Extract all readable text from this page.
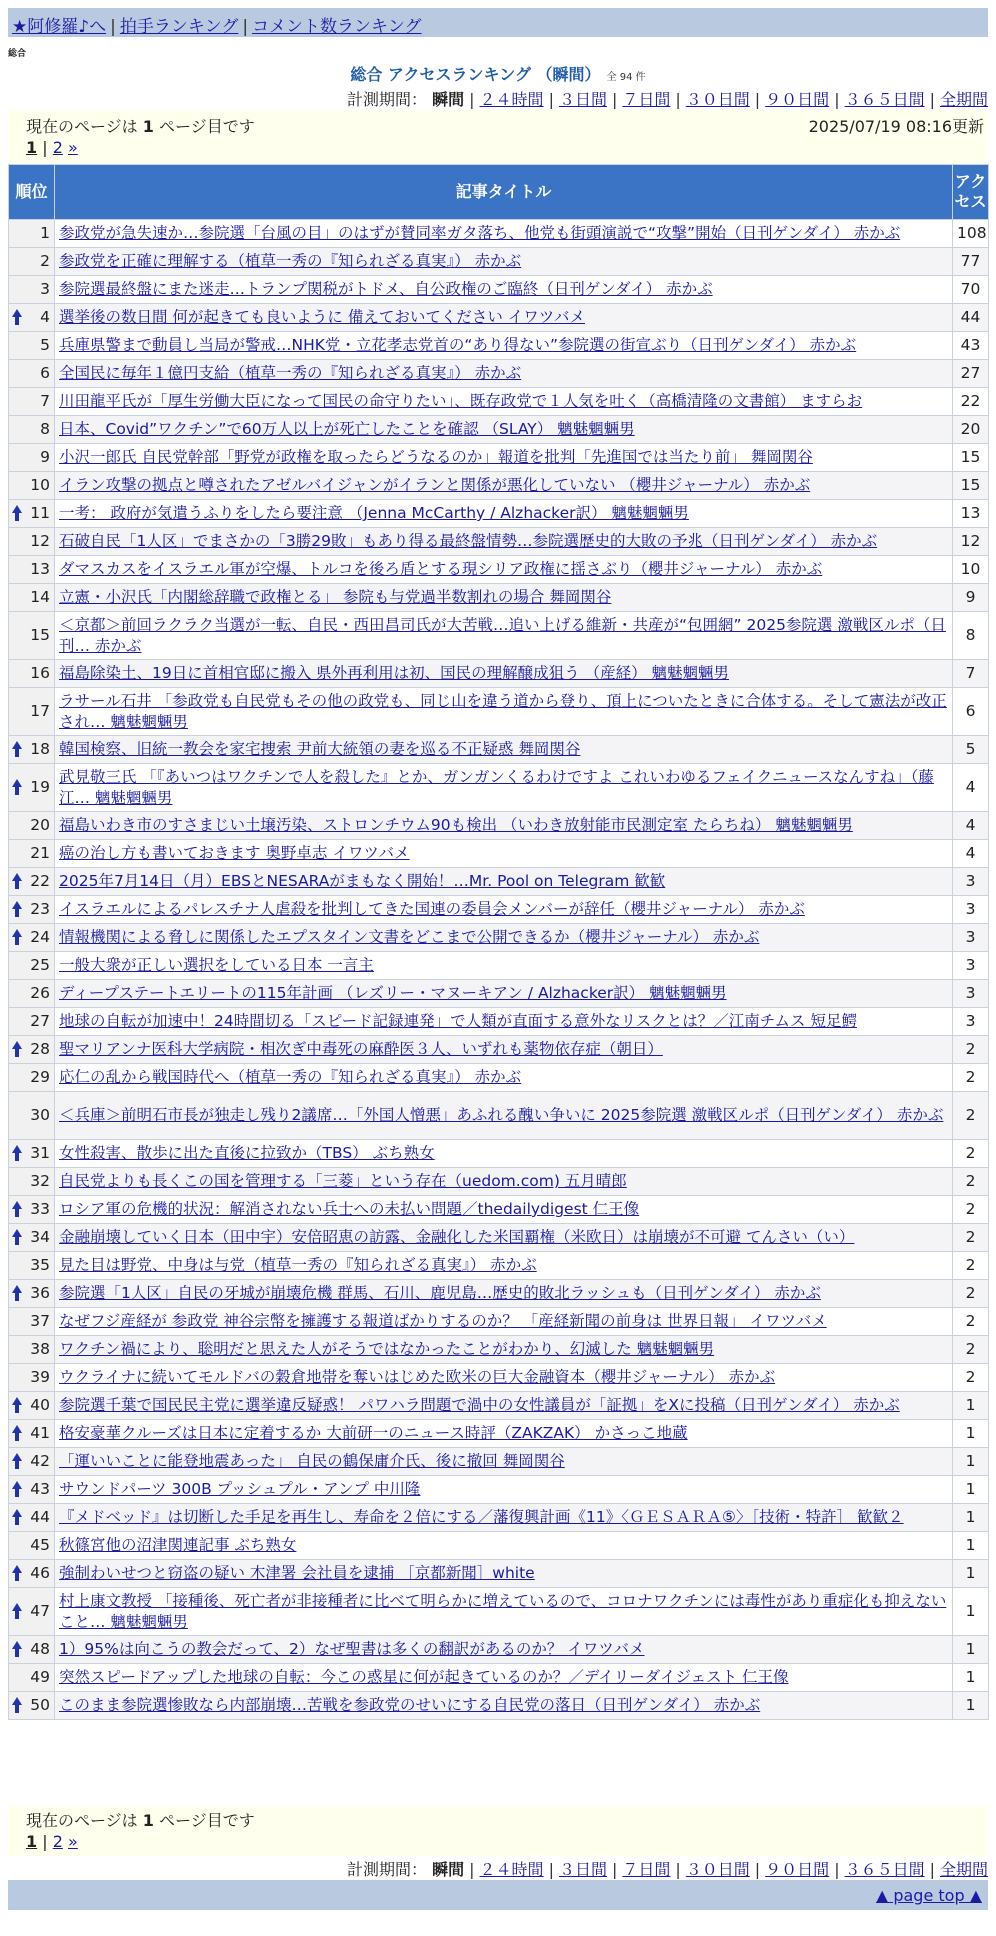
★阿修羅♪へ | 拍手ランキング | コメント数ランキング
総合
総合 アクセスランキング （瞬間） 全 94 件
計測期間： 瞬間 | ２４時間 | ３日間 | ７日間 | ３０日間 | ９０日間 | ３６５日間 | 全期間
現在のページは 1 ページ目です	2025/07/19 08:16更新
1 | 2 »
順位	記事タイトル	アクセス
1	参政党が急失速か…参院選「台風の目」のはずが賛同率ガタ落ち、他党も街頭演説で“攻撃”開始（日刊ゲンダイ） 赤かぶ	108
2	参政党を正確に理解する（植草一秀の『知られざる真実』） 赤かぶ	77
3	参院選最終盤にまた迷走…トランプ関税がトドメ、自公政権のご臨終（日刊ゲンダイ） 赤かぶ	70

4	選挙後の数日間 何が起きても良いように 備えておいてください イワツバメ	44
5	兵庫県警まで動員し当局が警戒…NHK党・立花孝志党首の“あり得ない”参院選の街宣ぶり（日刊ゲンダイ） 赤かぶ	43
6	全国民に毎年１億円支給（植草一秀の『知られざる真実』） 赤かぶ	27
7	川田龍平氏が「厚生労働大臣になって国民の命守りたい」、既存政党で１人気を吐く（高橋清隆の文書館） ますらお	22
8	日本、Covid”ワクチン”で60万人以上が死亡したことを確認 （SLAY） 魑魅魍魎男	20
9	小沢一郎氏 自民党幹部「野党が政権を取ったらどうなるのか」報道を批判「先進国では当たり前」 舞岡関谷	15
10	イラン攻撃の拠点と噂されたアゼルバイジャンがイランと関係が悪化していない （櫻井ジャーナル） 赤かぶ	15

11	一考： 政府が気遣うふりをしたら要注意 （Jenna McCarthy / Alzhacker訳） 魑魅魍魎男	13
12	石破自民「1人区」でまさかの「3勝29敗」もあり得る最終盤情勢…参院選歴史的大敗の予兆（日刊ゲンダイ） 赤かぶ	12
13	ダマスカスをイスラエル軍が空爆、トルコを後ろ盾とする現シリア政権に揺さぶり（櫻井ジャーナル） 赤かぶ	10
14	立憲・小沢氏「内閣総辞職で政権とる」 参院も与党過半数割れの場合 舞岡関谷	9
15	＜京都＞前回ラクラク当選が一転、自民・西田昌司氏が大苦戦…追い上げる維新・共産が“包囲網” 2025参院選 激戦区ルポ（日刊… 赤かぶ	8
16	福島除染土、19日に首相官邸に搬入 県外再利用は初、国民の理解醸成狙う （産経） 魑魅魍魎男	7
17	ラサール石井 「参政党も自民党もその他の政党も、同じ山を違う道から登り、頂上についたときに合体する。そして憲法が改正され… 魑魅魍魎男	6

18	韓国検察、旧統一教会を家宅捜索 尹前大統領の妻を巡る不正疑惑 舞岡関谷	5

19	武見敬三氏 「『あいつはワクチンで人を殺した』とか、ガンガンくるわけですよ これいわゆるフェイクニュースなんすね」（藤江… 魑魅魍魎男	4
20	福島いわき市のすさまじい土壌汚染、ストロンチウム90も検出 （いわき放射能市民測定室 たらちね） 魑魅魍魎男	4
21	癌の治し方も書いておきます 奥野卓志 イワツバメ	4

22	2025年7月14日（月）EBSとNESARAがまもなく開始！…Mr. Pool on Telegram 歓歓	3

23	イスラエルによるパレスチナ人虐殺を批判してきた国連の委員会メンバーが辞任（櫻井ジャーナル） 赤かぶ	3

24	情報機関による脅しに関係したエプスタイン文書をどこまで公開できるか（櫻井ジャーナル） 赤かぶ	3
25	一般大衆が正しい選択をしている日本 一言主	3
26	ディープステートエリートの115年計画 （レズリー・マヌーキアン / Alzhacker訳） 魑魅魍魎男	3
27	地球の自転が加速中！24時間切る「スピード記録連発」で人類が直面する意外なリスクとは？／江南チムス 短足鰐	3

28	聖マリアンナ医科大学病院・相次ぎ中毒死の麻酔医３人、いずれも薬物依存症（朝日）	2
29	応仁の乱から戦国時代へ（植草一秀の『知られざる真実』） 赤かぶ	2
30	＜兵庫＞前明石市長が独走し残り2議席…「外国人憎悪」あふれる醜い争いに 2025参院選 激戦区ルポ（日刊ゲンダイ） 赤かぶ	2

31	女性殺害、散歩に出た直後に拉致か（TBS） ぶち熟女	2
32	自民党よりも長くこの国を管理する「三菱」という存在（uedom.com) 五月晴郎	2

33	ロシア軍の危機的状況：解消されない兵士への未払い問題／thedailydigest 仁王像	2

34	金融崩壊していく日本（田中宇）安倍昭恵の訪露、金融化した米国覇権（米欧日）は崩壊が不可避 てんさい（い）	2
35	見た目は野党、中身は与党（植草一秀の『知られざる真実』） 赤かぶ	2

36	参院選「1人区」自民の牙城が崩壊危機 群馬、石川、鹿児島…歴史的敗北ラッシュも（日刊ゲンダイ） 赤かぶ	2
37	なぜフジ産経が 参政党 神谷宗幣を擁護する報道ばかりするのか？ 「産経新聞の前身は 世界日報」 イワツバメ	2
38	ワクチン禍により、聡明だと思えた人がそうではなかったことがわかり、幻滅した 魑魅魍魎男	2
39	ウクライナに続いてモルドバの穀倉地帯を奪いはじめた欧米の巨大金融資本（櫻井ジャーナル） 赤かぶ	2

40	参院選千葉で国民民主党に選挙違反疑惑！ パワハラ問題で渦中の女性議員が「証拠」をXに投稿（日刊ゲンダイ） 赤かぶ	1

41	格安豪華クルーズは日本に定着するか 大前研一のニュース時評（ZAKZAK） かさっこ地蔵	1

42	「運いいことに能登地震あった」 自民の鶴保庸介氏、後に撤回 舞岡関谷	1

43	サウンドパーツ 300B プッシュプル・アンプ 中川隆	1

44	『メドベッド』は切断した手足を再生し、寿命を２倍にする／藩復興計画《11》〈ＧＥＳＡＲＡ⑤〉［技術・特許］ 歓歓２	1
45	秋篠宮他の沼津関連記事 ぶち熟女	1

46	強制わいせつと窃盗の疑い 木津署 会社員を逮捕 ［京都新聞］white	1

47	村上康文教授 「接種後、死亡者が非接種者に比べて明らかに増えているので、コロナワクチンには毒性があり重症化も抑えないこと… 魑魅魍魎男	1

48	1）95%は向こうの教会だって、2）なぜ聖書は多くの翻訳があるのか？ イワツバメ	1
49	突然スピードアップした地球の自転：今この惑星に何が起きているのか？／デイリーダイジェスト 仁王像	1

50	このまま参院選惨敗なら内部崩壊…苦戦を参政党のせいにする自民党の落日（日刊ゲンダイ） 赤かぶ	1
現在のページは 1 ページ目です
1 | 2 »
計測期間： 瞬間 | ２４時間 | ３日間 | ７日間 | ３０日間 | ９０日間 | ３６５日間 | 全期間
▲ page top ▲
